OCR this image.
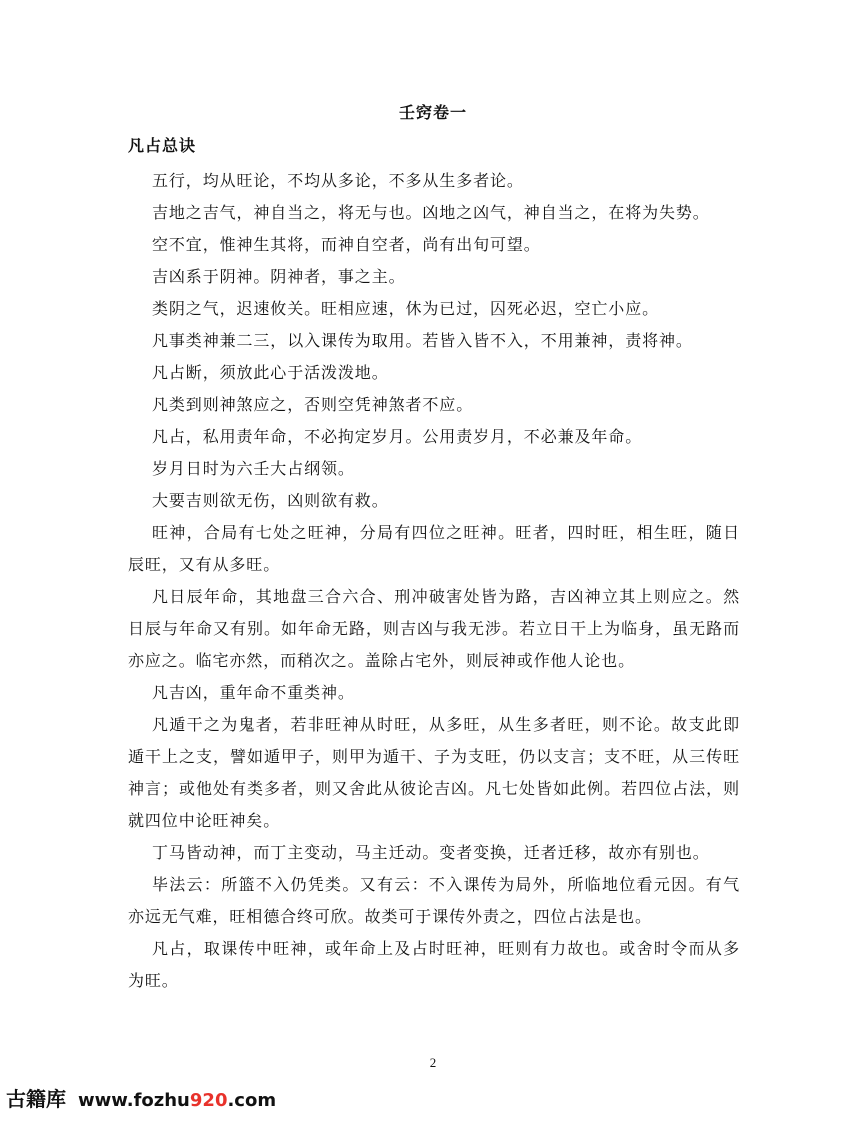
壬窍卷一
凡占总诀

五行，均从旺论，不均从多论，不多从生多者论。

吉地之吉气，神自当之，将无与也。凶地之凶气，神自当之，在将为失势。

空不宜，惟神生其将，而神自空者，尚有出旬可望。

吉凶系于阴神。阴神者，事之主。

类阴之气，迟速攸关。旺相应速，休为已过，囚死必迟，空亡小应。

凡事类神兼二三，以入课传为取用。若皆入皆不入，不用兼神，责将神。

凡占断，须放此心于活泼泼地。

凡类到则神煞应之，否则空凭神煞者不应。

凡占，私用责年命，不必拘定岁月。公用责岁月，不必兼及年命。

岁月日时为六壬大占纲领。

大要吉则欲无伤，凶则欲有救。

旺神，合局有七处之旺神，分局有四位之旺神。旺者，四时旺，相生旺，随日辰旺，又有从多旺。

凡日辰年命，其地盘三合六合、刑冲破害处皆为路，吉凶神立其上则应之。然日辰与年命又有别。如年命无路，则吉凶与我无涉。若立日干上为临身，虽无路而亦应之。临宅亦然，而稍次之。盖除占宅外，则辰神或作他人论也。

凡吉凶，重年命不重类神。

凡遁干之为鬼者，若非旺神从时旺，从多旺，从生多者旺，则不论。故支此即遁干上之支，譬如遁甲子，则甲为遁干、子为支旺，仍以支言；支不旺，从三传旺神言；或他处有类多者，则又舍此从彼论吉凶。凡七处皆如此例。若四位占法，则就四位中论旺神矣。

丁马皆动神，而丁主变动，马主迁动。变者变换，迁者迁移，故亦有别也。

毕法云：所篮不入仍凭类。又有云：不入课传为局外，所临地位看元因。有气亦远无气难，旺相德合终可欣。故类可于课传外责之，四位占法是也。

凡占，取课传中旺神，或年命上及占时旺神，旺则有力故也。或舍时令而从多为旺。

2
古籍库 www.fozhu920.com
